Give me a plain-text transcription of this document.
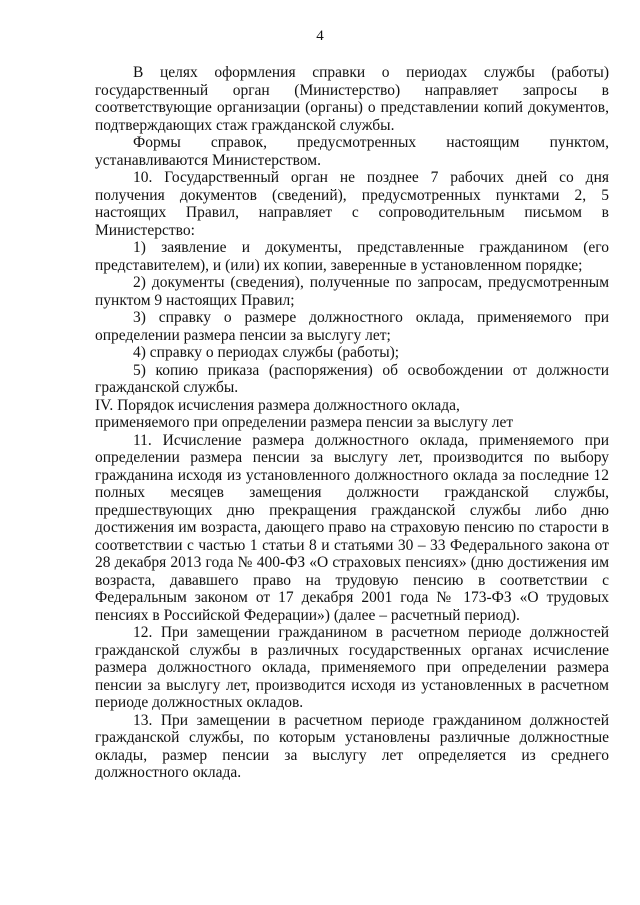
4

В целях оформления справки о периодах службы (работы) государственный орган (Министерство) направляет запросы в соответствующие организации (органы) о представлении копий документов, подтверждающих стаж гражданской службы.

Формы справок, предусмотренных настоящим пунктом, устанавливаются Министерством.

10. Государственный орган не позднее 7 рабочих дней со дня получения документов (сведений), предусмотренных пунктами 2, 5 настоящих Правил, направляет с сопроводительным письмом в Министерство:

1) заявление и документы, представленные гражданином (его представителем), и (или) их копии, заверенные в установленном порядке;

2) документы (сведения), полученные по запросам, предусмотренным пунктом 9 настоящих Правил;

3) справку о размере должностного оклада, применяемого при определении размера пенсии за выслугу лет;

4) справку о периодах службы (работы);

5) копию приказа (распоряжения) об освобождении от должности гражданской службы.

IV. Порядок исчисления размера должностного оклада,
применяемого при определении размера пенсии за выслугу лет

11. Исчисление размера должностного оклада, применяемого при определении размера пенсии за выслугу лет, производится по выбору гражданина исходя из установленного должностного оклада за последние 12 полных месяцев замещения должности гражданской службы, предшествующих дню прекращения гражданской службы либо дню достижения им возраста, дающего право на страховую пенсию по старости в соответствии с частью 1 статьи 8 и статьями 30 – 33 Федерального закона от 28 декабря 2013 года № 400-ФЗ «О страховых пенсиях» (дню достижения им возраста, дававшего право на трудовую пенсию в соответствии с Федеральным законом от 17 декабря 2001 года № 173-ФЗ «О трудовых пенсиях в Российской Федерации») (далее – расчетный период).

12. При замещении гражданином в расчетном периоде должностей гражданской службы в различных государственных органах исчисление размера должностного оклада, применяемого при определении размера пенсии за выслугу лет, производится исходя из установленных в расчетном периоде должностных окладов.

13. При замещении в расчетном периоде гражданином должностей гражданской службы, по которым установлены различные должностные оклады, размер пенсии за выслугу лет определяется из среднего должностного оклада.
